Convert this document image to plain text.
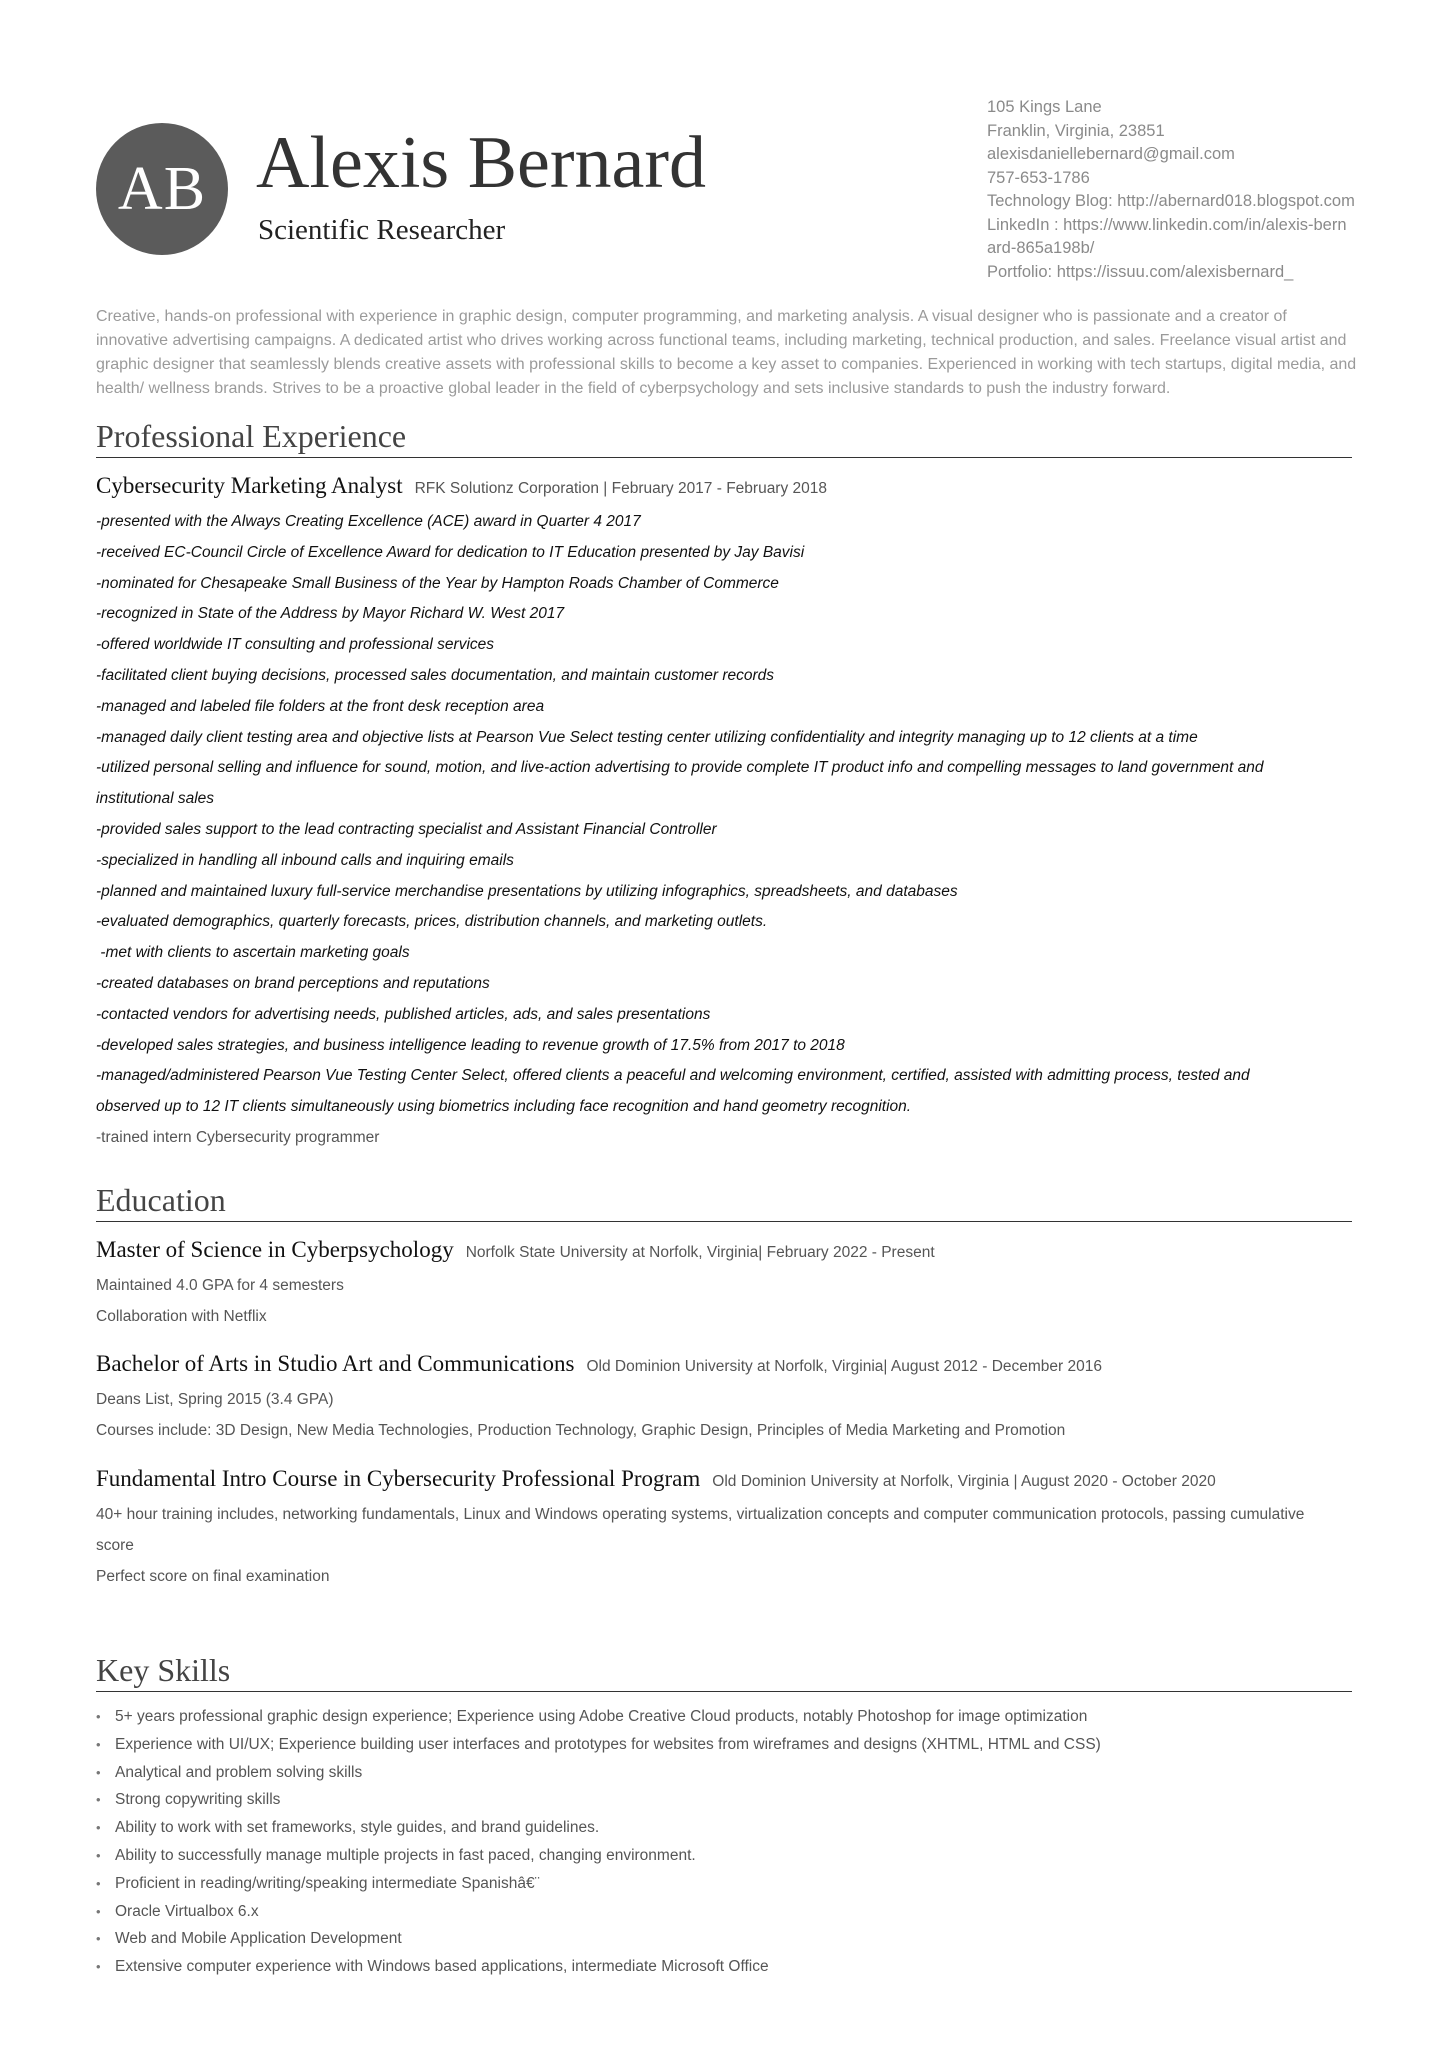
AB Alexis Bernard
Scientific Researcher
105 Kings Lane
Franklin, Virginia, 23851
alexisdaniellebernard@gmail.com
757-653-1786
Technology Blog: http://abernard018.blogspot.com
LinkedIn : https://www.linkedin.com/in/alexis-bern
ard-865a198b/
Portfolio: https://issuu.com/alexisbernard_
Creative, hands-on professional with experience in graphic design, computer programming, and marketing analysis. A visual designer who is passionate and a creator of innovative advertising campaigns. A dedicated artist who drives working across functional teams, including marketing, technical production, and sales. Freelance visual artist and graphic designer that seamlessly blends creative assets with professional skills to become a key asset to companies. Experienced in working with tech startups, digital media, and health/ wellness brands. Strives to be a proactive global leader in the field of cyberpsychology and sets inclusive standards to push the industry forward.
Professional Experience
Cybersecurity Marketing Analyst RFK Solutionz Corporation | February 2017 - February 2018
-presented with the Always Creating Excellence (ACE) award in Quarter 4 2017
-received EC-Council Circle of Excellence Award for dedication to IT Education presented by Jay Bavisi
-nominated for Chesapeake Small Business of the Year by Hampton Roads Chamber of Commerce
-recognized in State of the Address by Mayor Richard W. West 2017
-offered worldwide IT consulting and professional services
-facilitated client buying decisions, processed sales documentation, and maintain customer records
-managed and labeled file folders at the front desk reception area
-managed daily client testing area and objective lists at Pearson Vue Select testing center utilizing confidentiality and integrity managing up to 12 clients at a time
-utilized personal selling and influence for sound, motion, and live-action advertising to provide complete IT product info and compelling messages to land government and
institutional sales
-provided sales support to the lead contracting specialist and Assistant Financial Controller
-specialized in handling all inbound calls and inquiring emails
-planned and maintained luxury full-service merchandise presentations by utilizing infographics, spreadsheets, and databases
-evaluated demographics, quarterly forecasts, prices, distribution channels, and marketing outlets.
-met with clients to ascertain marketing goals
-created databases on brand perceptions and reputations
-contacted vendors for advertising needs, published articles, ads, and sales presentations
-developed sales strategies, and business intelligence leading to revenue growth of 17.5% from 2017 to 2018
-managed/administered Pearson Vue Testing Center Select, offered clients a peaceful and welcoming environment, certified, assisted with admitting process, tested and
observed up to 12 IT clients simultaneously using biometrics including face recognition and hand geometry recognition.
-trained intern Cybersecurity programmer
Education
Master of Science in Cyberpsychology Norfolk State University at Norfolk, Virginia| February 2022 - Present
Maintained 4.0 GPA for 4 semesters
Collaboration with Netflix
Bachelor of Arts in Studio Art and Communications Old Dominion University at Norfolk, Virginia| August 2012 - December 2016
Deans List, Spring 2015 (3.4 GPA)
Courses include: 3D Design, New Media Technologies, Production Technology, Graphic Design, Principles of Media Marketing and Promotion
Fundamental Intro Course in Cybersecurity Professional Program Old Dominion University at Norfolk, Virginia | August 2020 - October 2020
40+ hour training includes, networking fundamentals, Linux and Windows operating systems, virtualization concepts and computer communication protocols, passing cumulative
score
Perfect score on final examination
Key Skills
• 5+ years professional graphic design experience; Experience using Adobe Creative Cloud products, notably Photoshop for image optimization
• Experience with UI/UX; Experience building user interfaces and prototypes for websites from wireframes and designs (XHTML, HTML and CSS)
• Analytical and problem solving skills
• Strong copywriting skills
• Ability to work with set frameworks, style guides, and brand guidelines.
• Ability to successfully manage multiple projects in fast paced, changing environment.
• Proficient in reading/writing/speaking intermediate Spanishâ€¨
• Oracle Virtualbox 6.x
• Web and Mobile Application Development
• Extensive computer experience with Windows based applications, intermediate Microsoft Office
